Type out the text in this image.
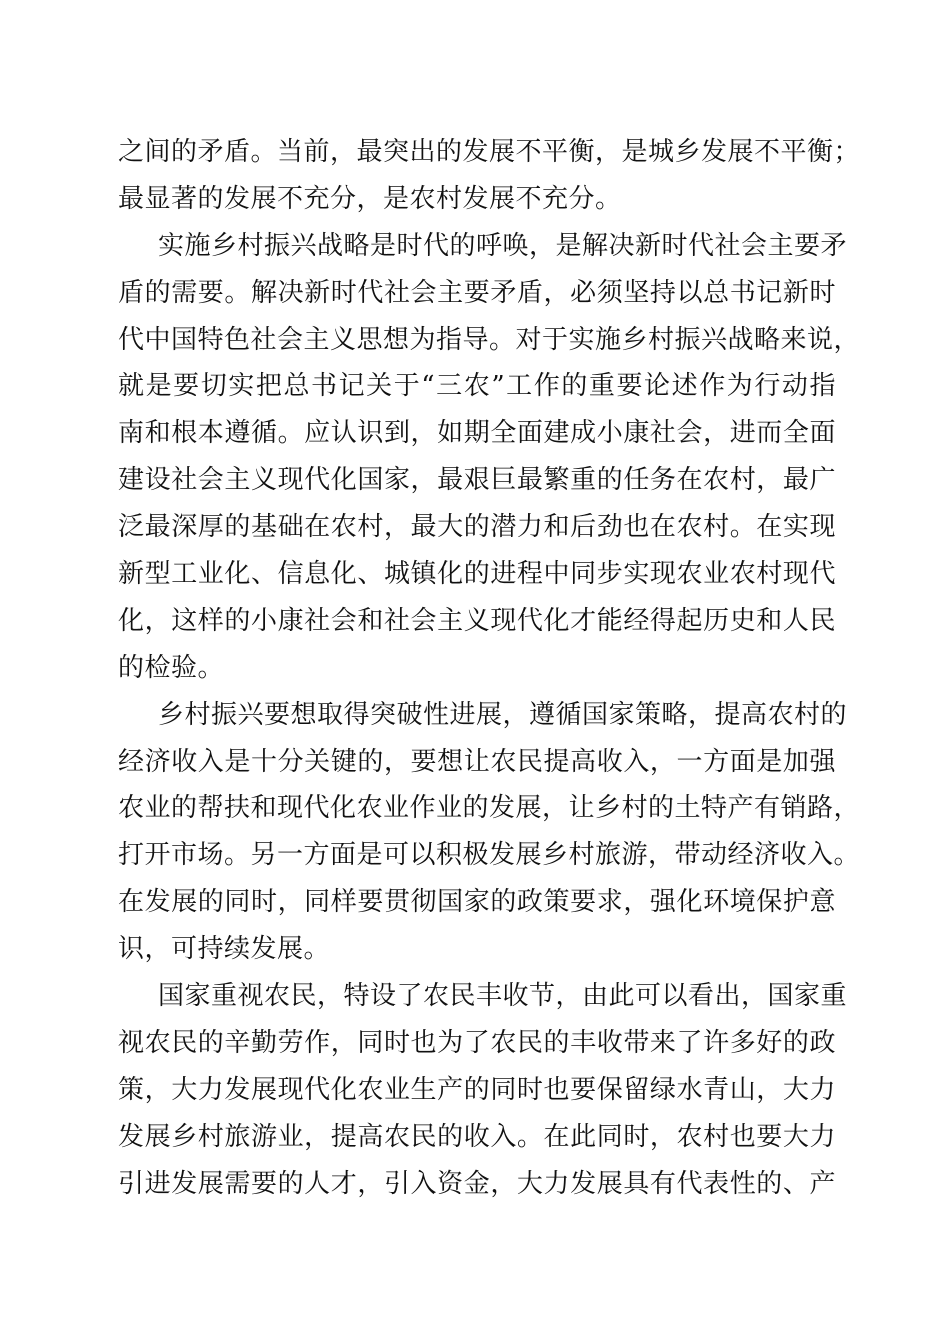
之间的矛盾。当前，最突出的发展不平衡，是城乡发展不平衡；
最显著的发展不充分，是农村发展不充分。
实施乡村振兴战略是时代的呼唤，是解决新时代社会主要矛
盾的需要。解决新时代社会主要矛盾，必须坚持以总书记新时
代中国特色社会主义思想为指导。对于实施乡村振兴战略来说，
就是要切实把总书记关于“三农”工作的重要论述作为行动指
南和根本遵循。应认识到，如期全面建成小康社会，进而全面
建设社会主义现代化国家，最艰巨最繁重的任务在农村，最广
泛最深厚的基础在农村，最大的潜力和后劲也在农村。在实现
新型工业化、信息化、城镇化的进程中同步实现农业农村现代
化，这样的小康社会和社会主义现代化才能经得起历史和人民
的检验。
乡村振兴要想取得突破性进展，遵循国家策略，提高农村的
经济收入是十分关键的，要想让农民提高收入，一方面是加强
农业的帮扶和现代化农业作业的发展，让乡村的土特产有销路，
打开市场。另一方面是可以积极发展乡村旅游，带动经济收入。
在发展的同时，同样要贯彻国家的政策要求，强化环境保护意
识，可持续发展。
国家重视农民，特设了农民丰收节，由此可以看出，国家重
视农民的辛勤劳作，同时也为了农民的丰收带来了许多好的政
策，大力发展现代化农业生产的同时也要保留绿水青山，大力
发展乡村旅游业，提高农民的收入。在此同时，农村也要大力
引进发展需要的人才，引入资金，大力发展具有代表性的、产
